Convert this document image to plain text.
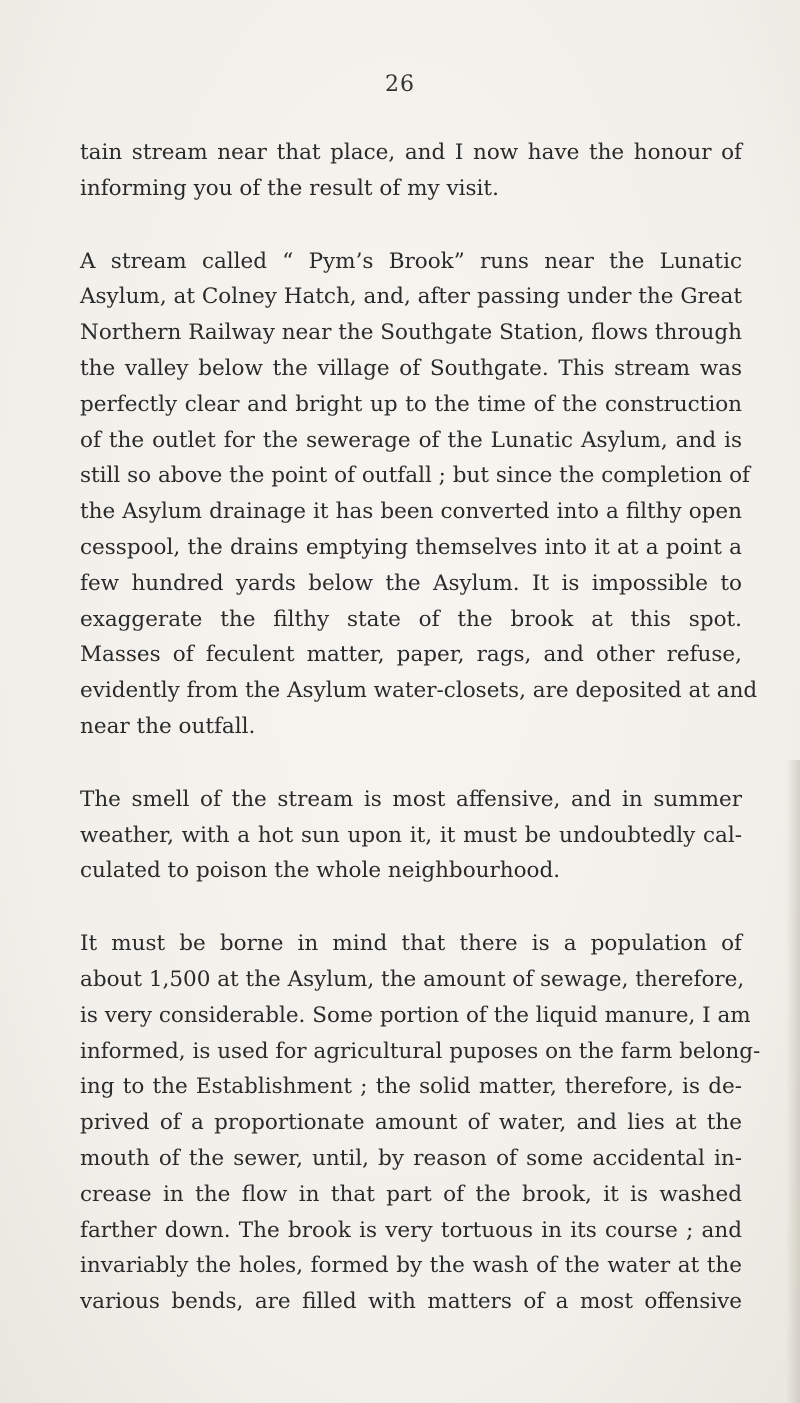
26
tain stream near that place, and I now have the honour of
informing you of the result of my visit.
A stream called “ Pym’s Brook” runs near the Lunatic
Asylum, at Colney Hatch, and, after passing under the Great
Northern Railway near the Southgate Station, flows through
the valley below the village of Southgate. This stream was
perfectly clear and bright up to the time of the construction
of the outlet for the sewerage of the Lunatic Asylum, and is
still so above the point of outfall ; but since the completion of
the Asylum drainage it has been converted into a filthy open
cesspool, the drains emptying themselves into it at a point a
few hundred yards below the Asylum. It is impossible to
exaggerate the filthy state of the brook at this spot.
Masses of feculent matter, paper, rags, and other refuse,
evidently from the Asylum water-closets, are deposited at and
near the outfall.
The smell of the stream is most affensive, and in summer
weather, with a hot sun upon it, it must be undoubtedly cal-
culated to poison the whole neighbourhood.
It must be borne in mind that there is a population of
about 1,500 at the Asylum, the amount of sewage, therefore,
is very considerable. Some portion of the liquid manure, I am
informed, is used for agricultural puposes on the farm belong-
ing to the Establishment ; the solid matter, therefore, is de-
prived of a proportionate amount of water, and lies at the
mouth of the sewer, until, by reason of some accidental in-
crease in the flow in that part of the brook, it is washed
farther down. The brook is very tortuous in its course ; and
invariably the holes, formed by the wash of the water at the
various bends, are filled with matters of a most offensive
